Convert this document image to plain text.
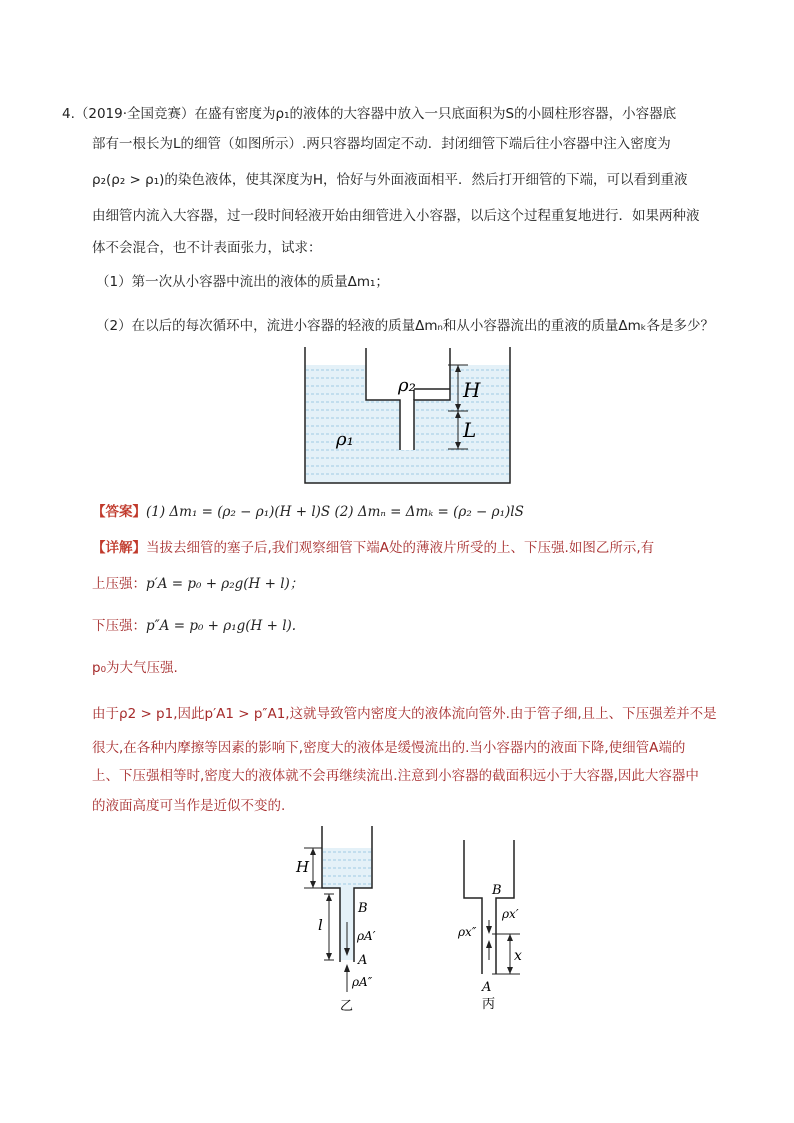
4.（2019·全国竞赛）在盛有密度为ρ₁的液体的大容器中放入一只底面积为S的小圆柱形容器，小容器底
部有一根长为L的细管（如图所示）.两只容器均固定不动．封闭细管下端后往小容器中注入密度为
ρ₂(ρ₂ > ρ₁)的染色液体，使其深度为H，恰好与外面液面相平．然后打开细管的下端，可以看到重液
由细管内流入大容器，过一段时间轻液开始由细管进入小容器，以后这个过程重复地进行．如果两种液
体不会混合，也不计表面张力，试求：
（1）第一次从小容器中流出的液体的质量Δm₁；
（2）在以后的每次循环中，流进小容器的轻液的质量Δmₙ和从小容器流出的重液的质量Δmₖ各是多少？
ρ₂
ρ₁
H
L
【答案】(1) Δm₁ = (ρ₂ − ρ₁)(H + l)S (2) Δmₙ = Δmₖ = (ρ₂ − ρ₁)lS
【详解】当拔去细管的塞子后,我们观察细管下端A处的薄液片所受的上、下压强.如图乙所示,有
上压强：p′A = p₀ + ρ₂g(H + l)；
下压强：p″A = p₀ + ρ₁g(H + l).
p₀为大气压强.
由于ρ2 > p1,因此p′A1 > p″A1,这就导致管内密度大的液体流向管外.由于管子细,且上、下压强差并不是
很大,在各种内摩擦等因素的影响下,密度大的液体是缓慢流出的.当小容器内的液面下降,使细管A端的
上、下压强相等时,密度大的液体就不会再继续流出.注意到小容器的截面积远小于大容器,因此大容器中
的液面高度可当作是近似不变的.
H
l
B
ρA′
A
ρA″
乙
B
ρx′
ρx″
x
A
丙
